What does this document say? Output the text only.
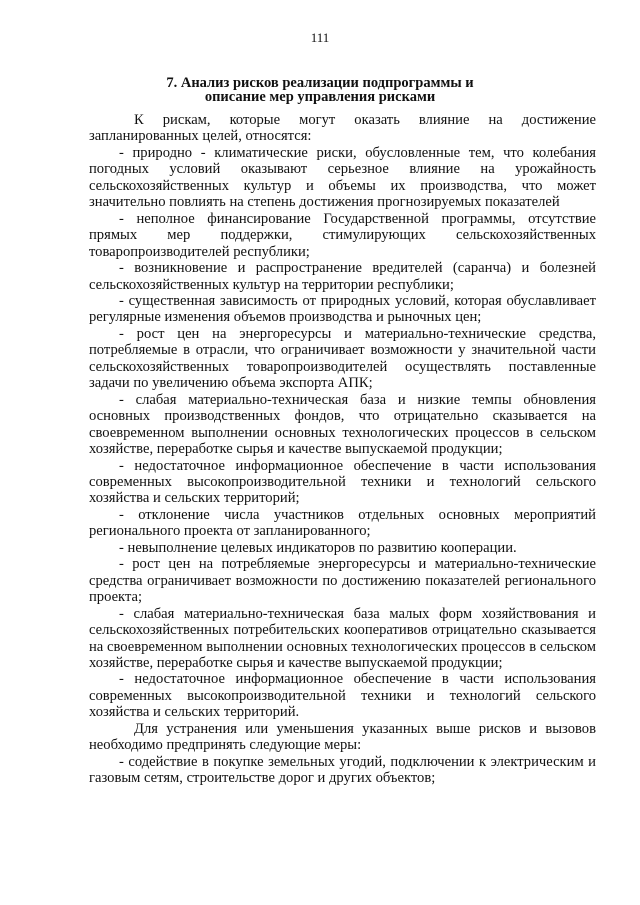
111
7. Анализ рисков реализации подпрограммы и
описание мер управления рисками

К рискам, которые могут оказать влияние на достижение запланированных целей, относятся:

- природно - климатические риски, обусловленные тем, что колебания погодных условий оказывают серьезное влияние на урожайность сельскохозяйственных культур и объемы их производства, что может значительно повлиять на степень достижения прогнозируемых показателей

- неполное финансирование Государственной программы, отсутствие прямых мер поддержки, стимулирующих сельскохозяйственных товаропроизводителей республики;

- возникновение и распространение вредителей (саранча) и болезней сельскохозяйственных культур на территории республики;

- существенная зависимость от природных условий, которая обуславливает регулярные изменения объемов производства и рыночных цен;

- рост цен на энергоресурсы и материально-технические средства, потребляемые в отрасли, что ограничивает возможности у значительной части сельскохозяйственных товаропроизводителей осуществлять поставленные задачи по увеличению объема экспорта АПК;

- слабая материально-техническая база и низкие темпы обновления основных производственных фондов, что отрицательно сказывается на своевременном выполнении основных технологических процессов в сельском хозяйстве, переработке сырья и качестве выпускаемой продукции;

- недостаточное информационное обеспечение в части использования современных высокопроизводительной техники и технологий сельского хозяйства и сельских территорий;

- отклонение числа участников отдельных основных мероприятий регионального проекта от запланированного;

- невыполнение целевых индикаторов по развитию кооперации.

- рост цен на потребляемые энергоресурсы и материально-технические средства ограничивает возможности по достижению показателей регионального проекта;

- слабая материально-техническая база малых форм хозяйствования и сельскохозяйственных потребительских кооперативов отрицательно сказывается на своевременном выполнении основных технологических процессов в сельском хозяйстве, переработке сырья и качестве выпускаемой продукции;

- недостаточное информационное обеспечение в части использования современных высокопроизводительной техники и технологий сельского хозяйства и сельских территорий.

Для устранения или уменьшения указанных выше рисков и вызовов необходимо предпринять следующие меры:

- содействие в покупке земельных угодий, подключении к электрическим и газовым сетям, строительстве дорог и других объектов;
